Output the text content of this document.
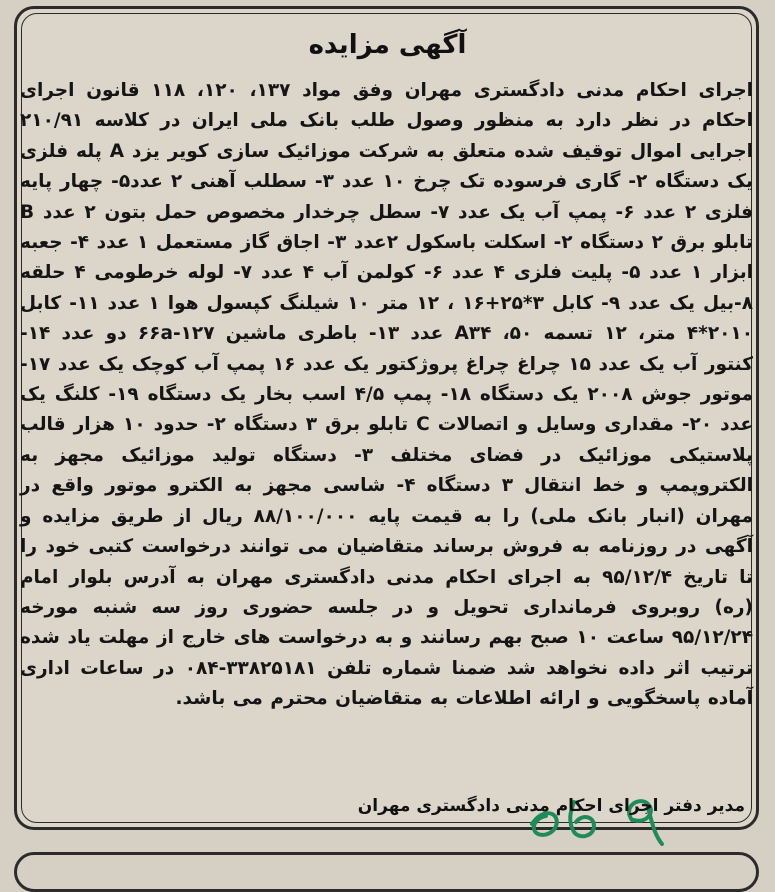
آگهی مزایده
اجرای احکام مدنی دادگستری مهران وفق مواد ۱۳۷، ۱۲۰، ۱۱۸ قانون اجرای احکام در نظر دارد به منظور وصول طلب بانک ملی ایران در کلاسه ۲۱۰/۹۱ اجرایی اموال توقیف شده متعلق به شرکت موزائیک سازی کویر یزد A پله فلزی یک دستگاه ۲- گاری فرسوده تک چرخ ۱۰ عدد ۳- سطلب آهنی ۲ عدد۵- چهار پایه فلزی ۲ عدد ۶- پمپ آب یک عدد ۷- سطل چرخدار مخصوص حمل بتون ۲ عدد B تابلو برق ۲ دستگاه ۲- اسکلت باسکول ۲عدد ۳- اجاق گاز مستعمل ۱ عدد ۴- جعبه ابزار ۱ عدد ۵- پلیت فلزی ۴ عدد ۶- کولمن آب ۴ عدد ۷- لوله خرطومی ۴ حلقه ۸-بیل یک عدد ۹- کابل ۳*۲۵+۱۶ ، ۱۲ متر ۱۰ شیلنگ کپسول هوا ۱ عدد ۱۱- کابل ۲۰۱۰*۴ متر، ۱۲ تسمه ۵۰، A۳۴ عدد ۱۳- باطری ماشین ۶۶a-۱۲۷ دو عدد ۱۴- کنتور آب یک عدد ۱۵ چراغ چراغ پروژکتور یک عدد ۱۶ پمپ آب کوچک یک عدد ۱۷- موتور جوش ۲۰۰۸ یک دستگاه ۱۸- پمپ ۴/۵ اسب بخار یک دستگاه ۱۹- کلنگ یک عدد ۲۰- مقداری وسایل و اتصالات C تابلو برق ۳ دستگاه ۲- حدود ۱۰ هزار قالب پلاستیکی موزائیک در فضای مختلف ۳- دستگاه تولید موزائیک مجهز به الکتروپمپ و خط انتقال ۳ دستگاه ۴- شاسی مجهز به الکترو موتور واقع در مهران (انبار بانک ملی) را به قیمت پایه ۸۸/۱۰۰/۰۰۰ ریال از طریق مزایده و آگهی در روزنامه به فروش برساند متقاضیان می توانند درخواست کتبی خود را تا تاریخ ۹۵/۱۲/۴ به اجرای احکام مدنی دادگستری مهران به آدرس بلوار امام (ره) روبروی فرمانداری تحویل و در جلسه حضوری روز سه شنبه مورخه ۹۵/۱۲/۲۴ ساعت ۱۰ صبح بهم رسانند و به درخواست های خارج از مهلت یاد شده ترتیب اثر داده نخواهد شد ضمنا شماره تلفن ۳۳۸۲۵۱۸۱-۰۸۴ در ساعات اداری آماده پاسخگویی و ارائه اطلاعات به متقاضیان محترم می باشد.
مدیر دفتر اجرای احکام مدنی دادگستری مهران
